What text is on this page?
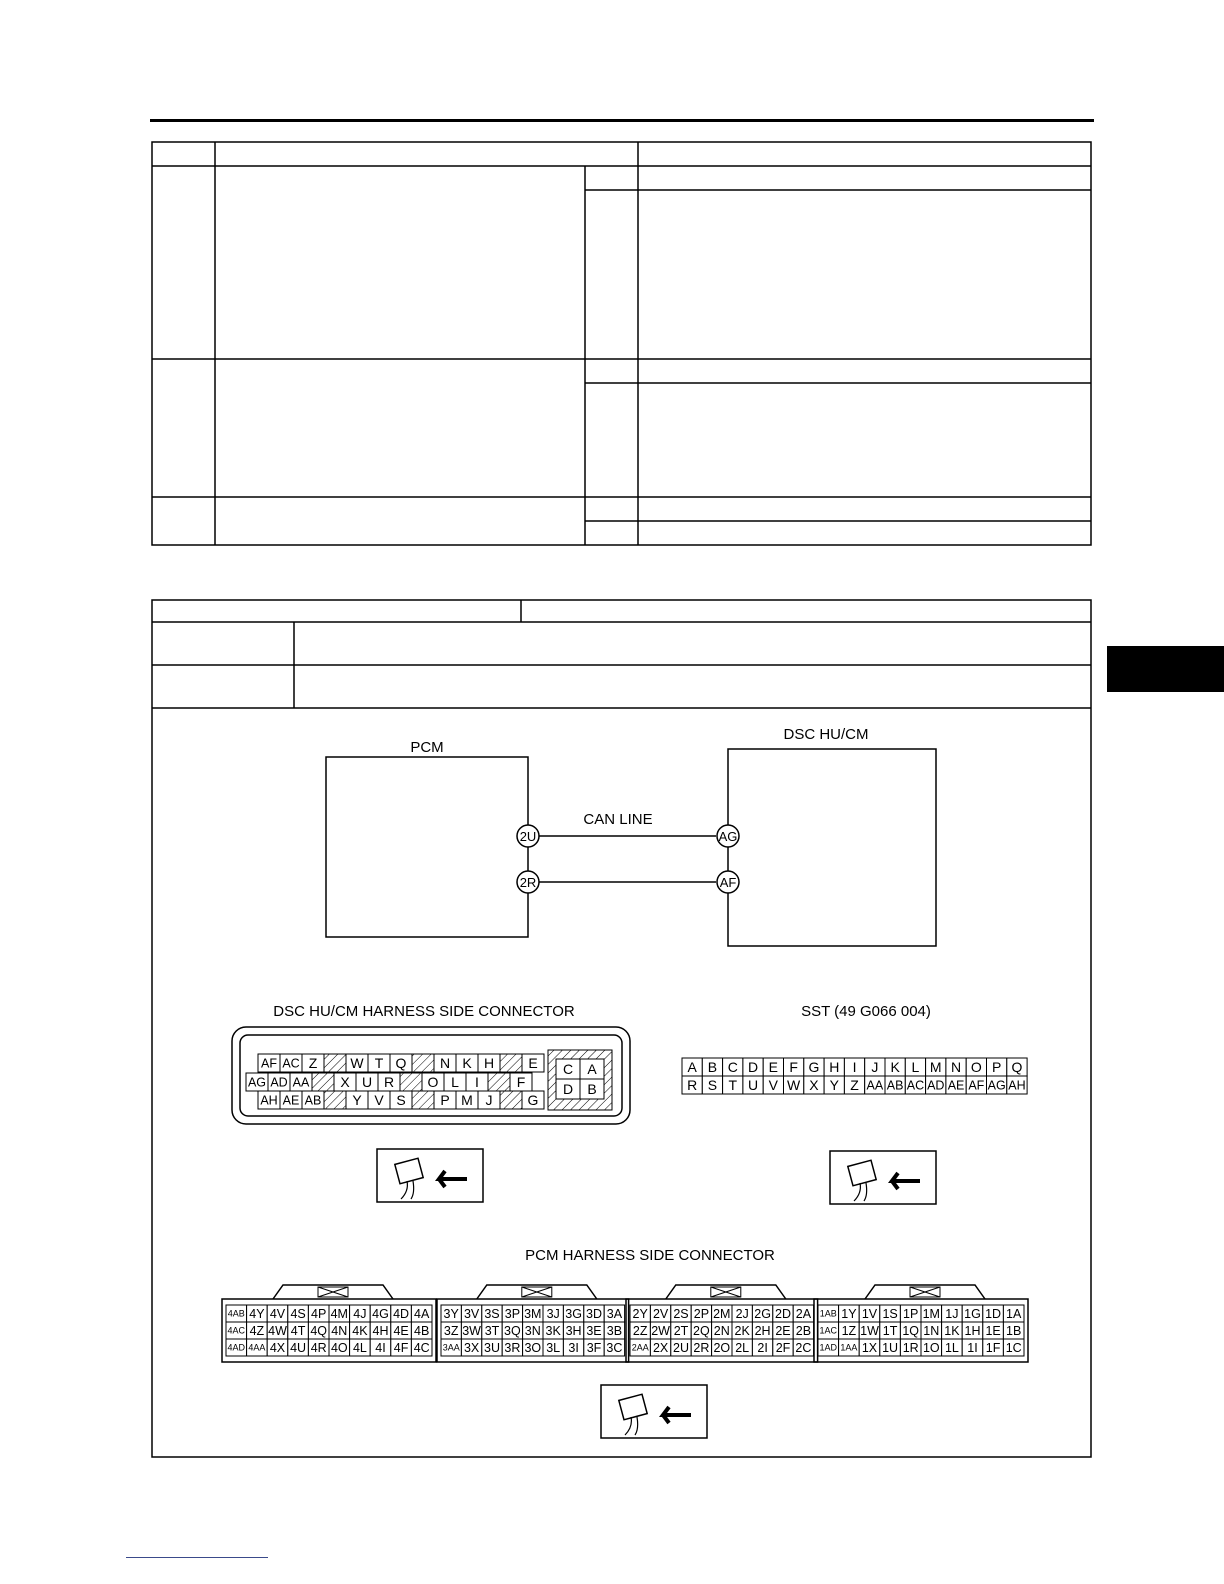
PCM
DSC HU/CM
CAN LINE
2U
2R
AG
AF
AF AC Z W T Q N K H E
AG AD AA X U R O L I	F
AH AE AB Y V S P M J	G
C A
D B
DSC HU/CM HARNESS SIDE CONNECTOR
A B C D E F G H I J K L M N O P Q
R S T U V W X Y Z AA AB AC AD AE AF AG AH
SST (49 G066 004)
PCM HARNESS SIDE CONNECTOR
4AB 4Y 4V 4S 4P 4M 4J 4G 4D 4A
4AC 4Z 4W 4T 4Q 4N 4K 4H 4E 4B
4AD 4AA 4X 4U 4R 4O 4L 4I 4F 4C
3Y 3V 3S 3P 3M 3J 3G 3D 3A
3Z 3W 3T 3Q 3N 3K 3H 3E 3B
3AA 3X 3U 3R 3O 3L 3I 3F 3C
2Y 2V 2S 2P 2M 2J 2G 2D 2A
2Z 2W 2T 2Q 2N 2K 2H 2E 2B
2AA 2X 2U 2R 2O 2L 2I 2F 2C
1AB 1Y 1V 1S 1P 1M 1J 1G 1D 1A
1AC 1Z 1W 1T 1Q 1N 1K 1H 1E 1B
1AD 1AA 1X 1U 1R 1O 1L 1I 1F 1C
